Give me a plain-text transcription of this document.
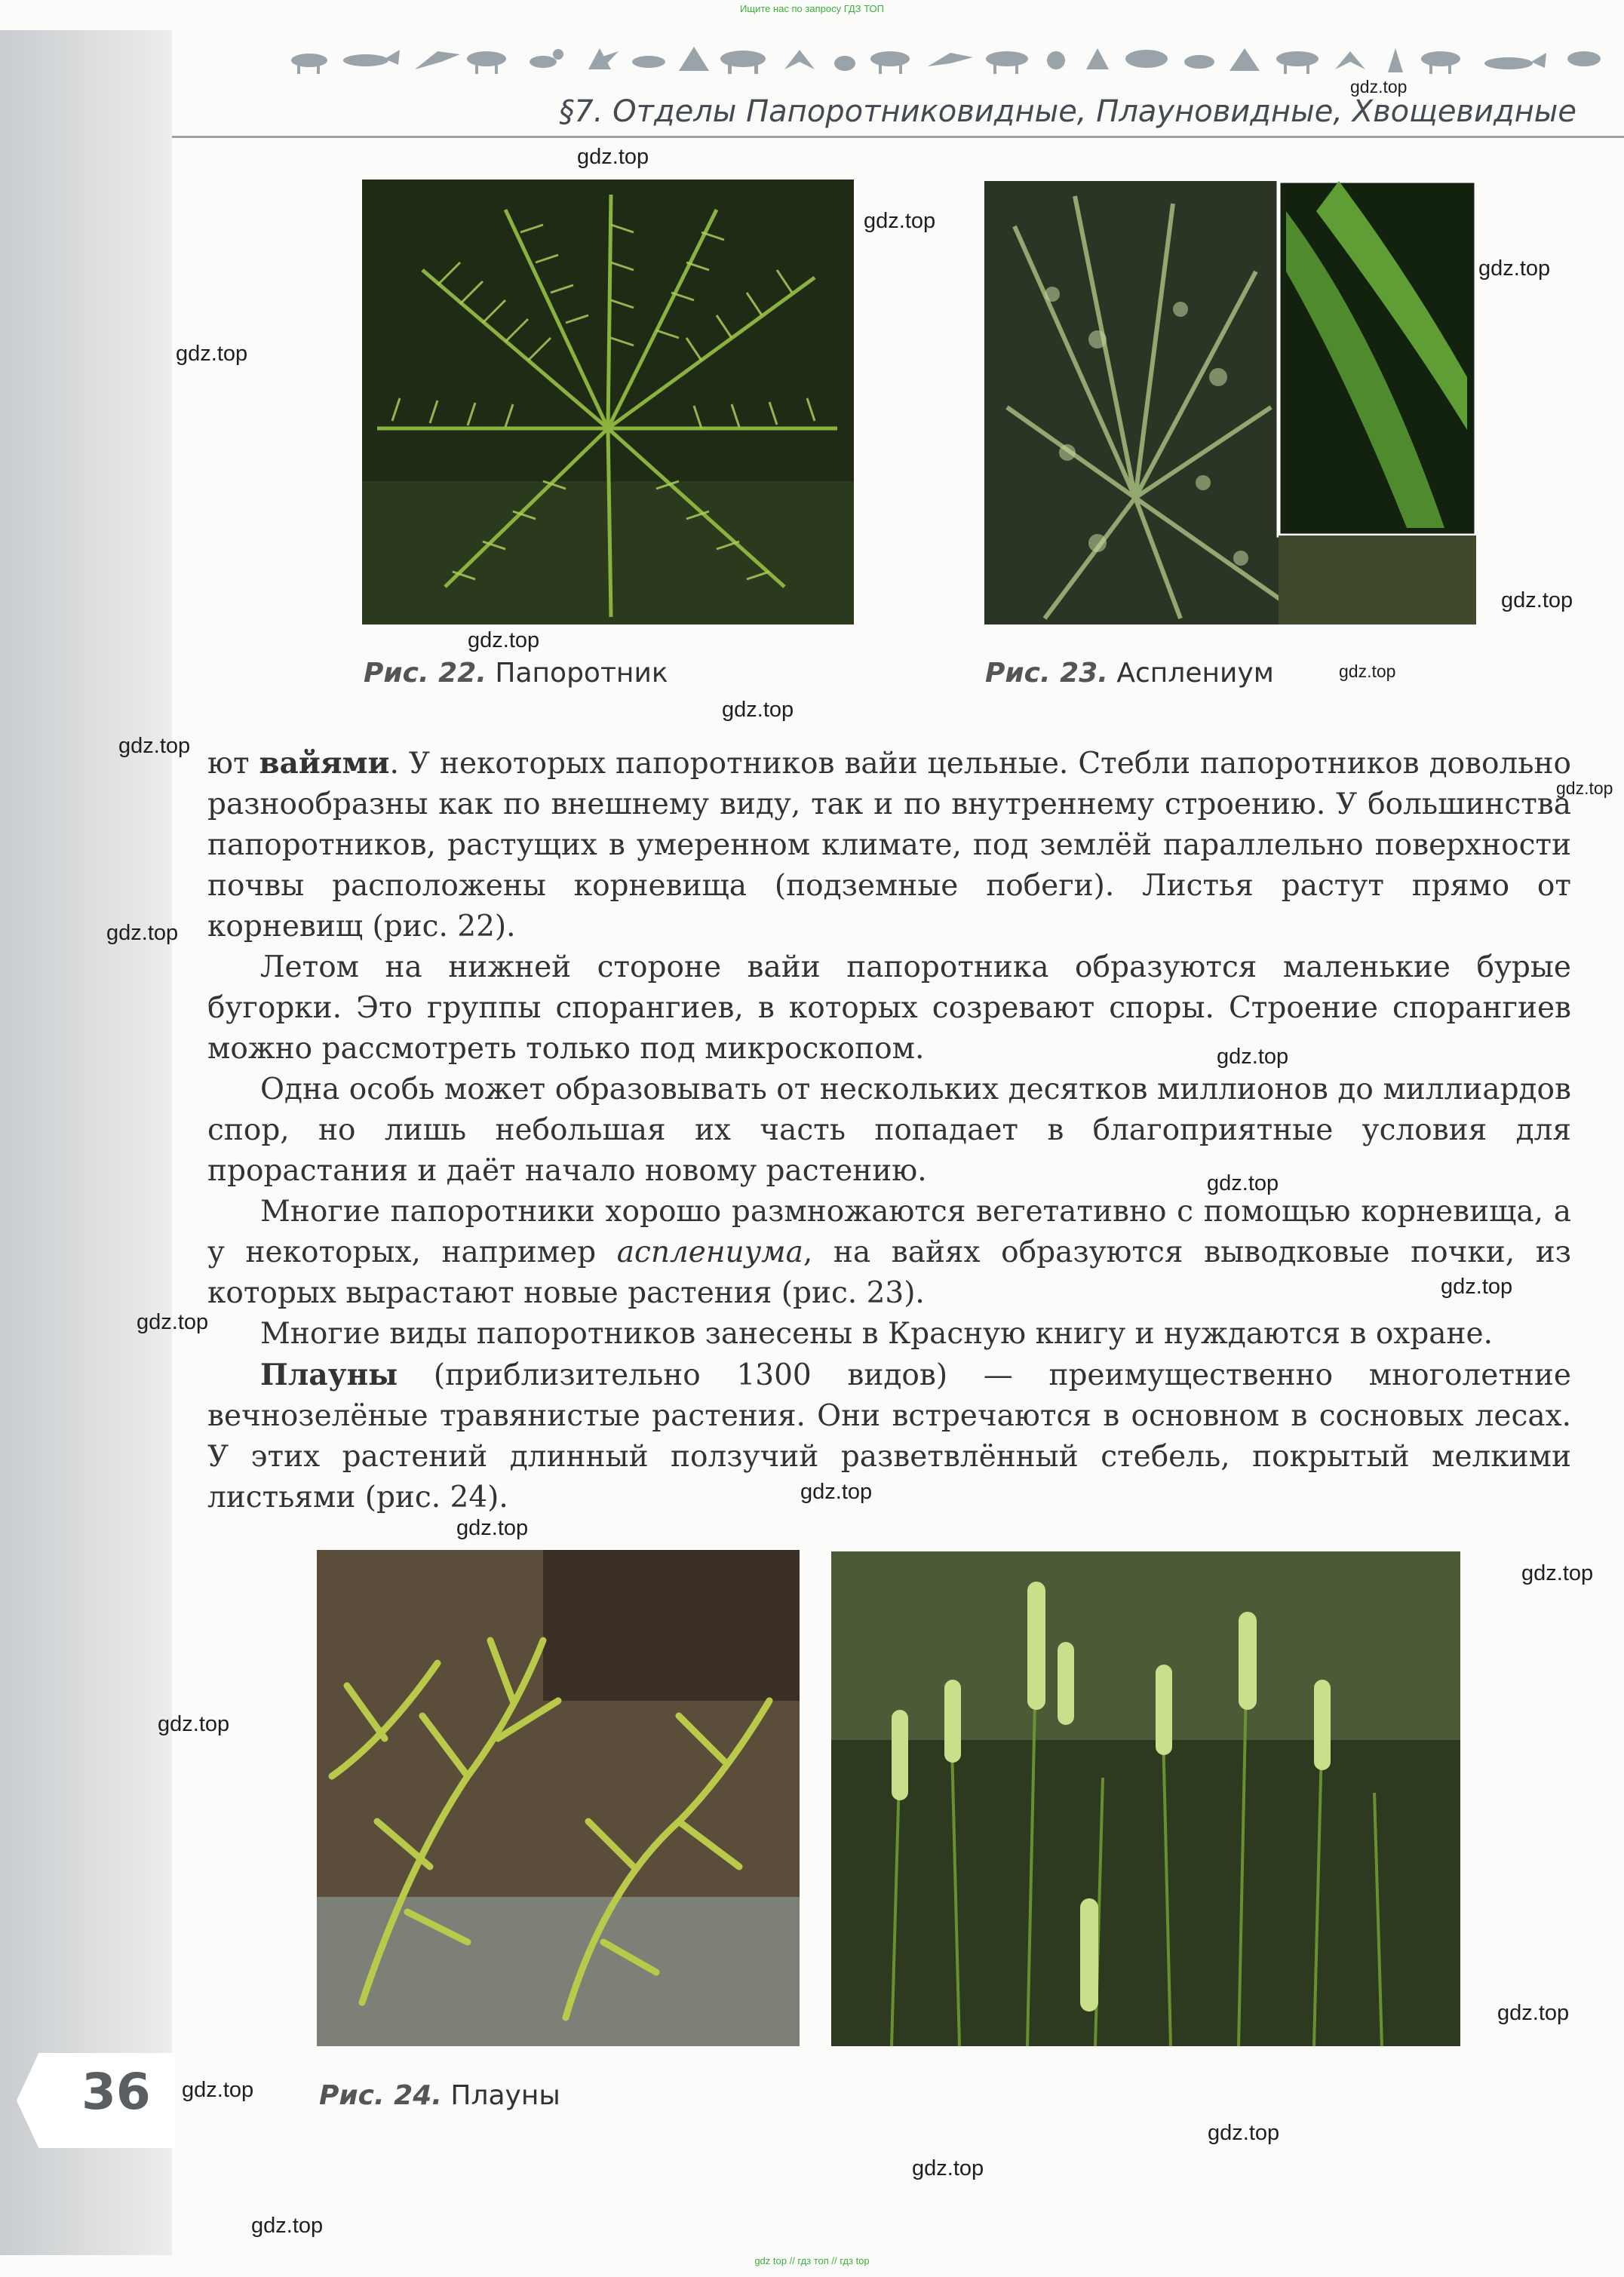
Ищите нас по запросу ГДЗ ТОП
§7. Отделы Папоротниковидные, Плауновидные, Хвощевидные
Рис. 22. Папоротник	Рис. 23. Асплениум

ют вайями. У некоторых папоротников вайи цельные. Стебли папоротников довольно разнообразны как по внешнему виду, так и по внутреннему строению. У большинства папоротников, растущих в умеренном климате, под землёй параллельно поверхности почвы расположены корневища (подземные побеги). Листья растут прямо от корневищ (рис. 22).

Летом на нижней стороне вайи папоротника образуются маленькие бурые бугорки. Это группы спорангиев, в которых созревают споры. Строение спорангиев можно рассмотреть только под микроскопом.

Одна особь может образовывать от нескольких десятков миллионов до миллиардов спор, но лишь небольшая их часть попадает в благоприятные условия для прорастания и даёт начало новому растению.

Многие папоротники хорошо размножаются вегетативно с помощью корневища, а у некоторых, например асплениума, на вайях образуются выводковые почки, из которых вырастают новые растения (рис. 23).

Многие виды папоротников занесены в Красную книгу и нуждаются в охране.

Плауны (приблизительно 1300 видов) — преимущественно многолетние вечнозелёные травянистые растения. Они встречаются в основном в сосновых лесах. У этих растений длинный ползучий разветвлённый стебель, покрытый мелкими листьями (рис. 24).

36	Рис. 24. Плауны
gdz.top
gdz.top
gdz.top
gdz.top
gdz.top
gdz.top
gdz.top
gdz.top
gdz.top
gdz.top
gdz.top
gdz.top
gdz.top
gdz.top
gdz.top
gdz.top
gdz.top
gdz.top
gdz.top
gdz.top
gdz.top
gdz.top
gdz.top
gdz.top
gdz.top
gdz top // гдз топ // гдз top
